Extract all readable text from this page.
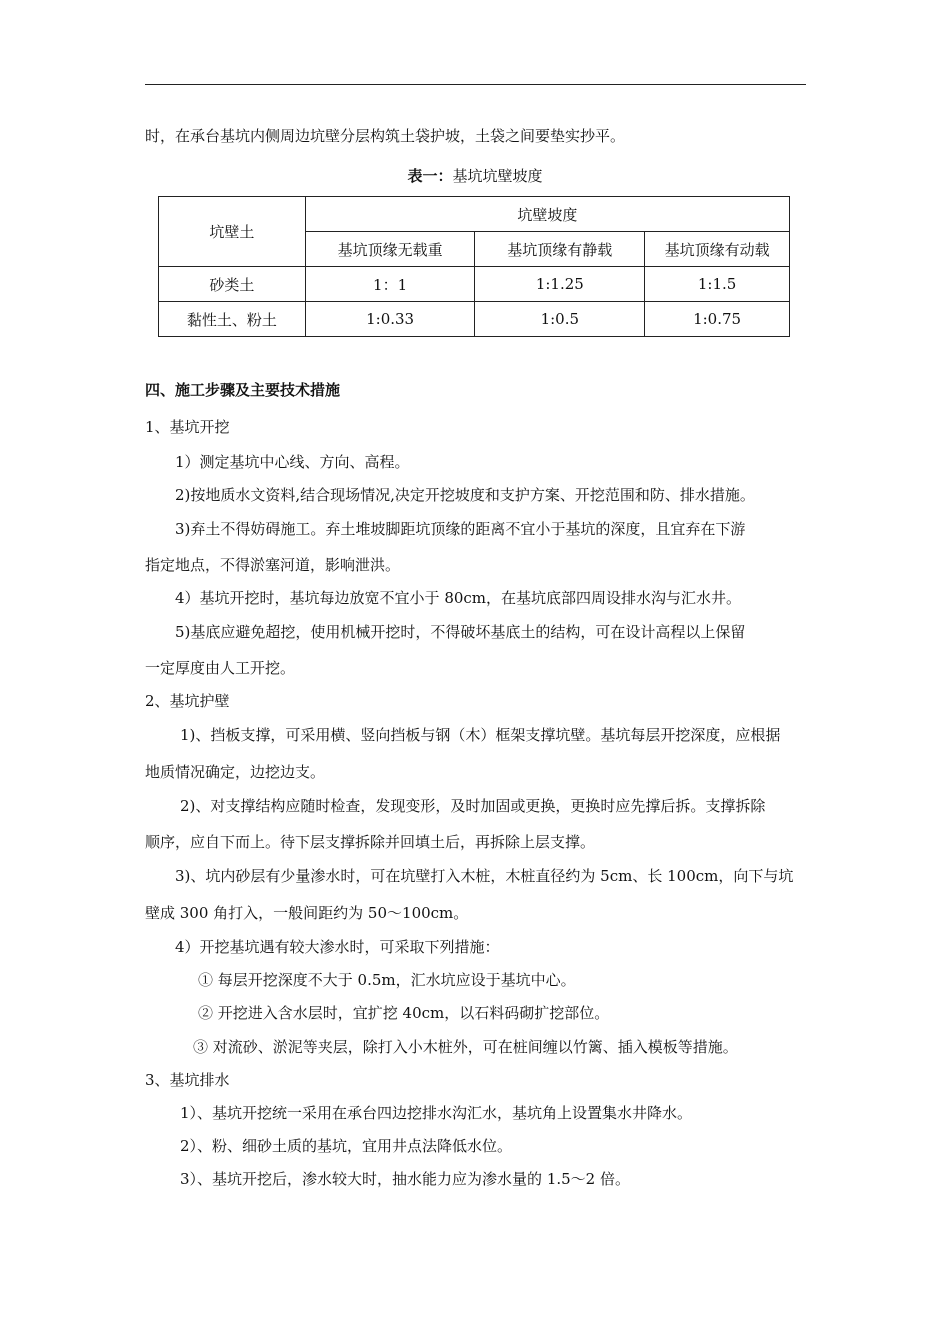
时，在承台基坑内侧周边坑壁分层构筑土袋护坡，土袋之间要垫实抄平。
表一：基坑坑壁坡度
坑壁土	坑壁坡度		
	基坑顶缘无载重	基坑顶缘有静载	基坑顶缘有动载
砂类土	1：1	1:1.25	1:1.5
黏性土、粉土	1:0.33	1:0.5	1:0.75
四、施工步骤及主要技术措施
1、基坑开挖
1）测定基坑中心线、方向、高程。
2)按地质水文资料,结合现场情况,决定开挖坡度和支护方案、开挖范围和防、排水措施。
3)弃土不得妨碍施工。弃土堆坡脚距坑顶缘的距离不宜小于基坑的深度，且宜弃在下游
指定地点，不得淤塞河道，影响泄洪。
4）基坑开挖时，基坑每边放宽不宜小于 80cm，在基坑底部四周设排水沟与汇水井。
5)基底应避免超挖，使用机械开挖时，不得破坏基底土的结构，可在设计高程以上保留
一定厚度由人工开挖。
2、基坑护壁
1)、挡板支撑，可采用横、竖向挡板与钢（木）框架支撑坑壁。基坑每层开挖深度，应根据
地质情况确定，边挖边支。
2)、对支撑结构应随时检查，发现变形，及时加固或更换，更换时应先撑后拆。支撑拆除
顺序，应自下而上。待下层支撑拆除并回填土后，再拆除上层支撑。
3)、坑内砂层有少量渗水时，可在坑壁打入木桩，木桩直径约为 5cm、长 100cm，向下与坑
壁成 300 角打入，一般间距约为 50～100cm。
4）开挖基坑遇有较大渗水时，可采取下列措施：
① 每层开挖深度不大于 0.5m，汇水坑应设于基坑中心。
② 开挖进入含水层时，宜扩挖 40cm，以石料码砌扩挖部位。
③ 对流砂、淤泥等夹层，除打入小木桩外，可在桩间缠以竹篱、插入模板等措施。
3、基坑排水
1）、基坑开挖统一采用在承台四边挖排水沟汇水，基坑角上设置集水井降水。
2）、粉、细砂土质的基坑，宜用井点法降低水位。
3）、基坑开挖后，渗水较大时，抽水能力应为渗水量的 1.5～2 倍。
